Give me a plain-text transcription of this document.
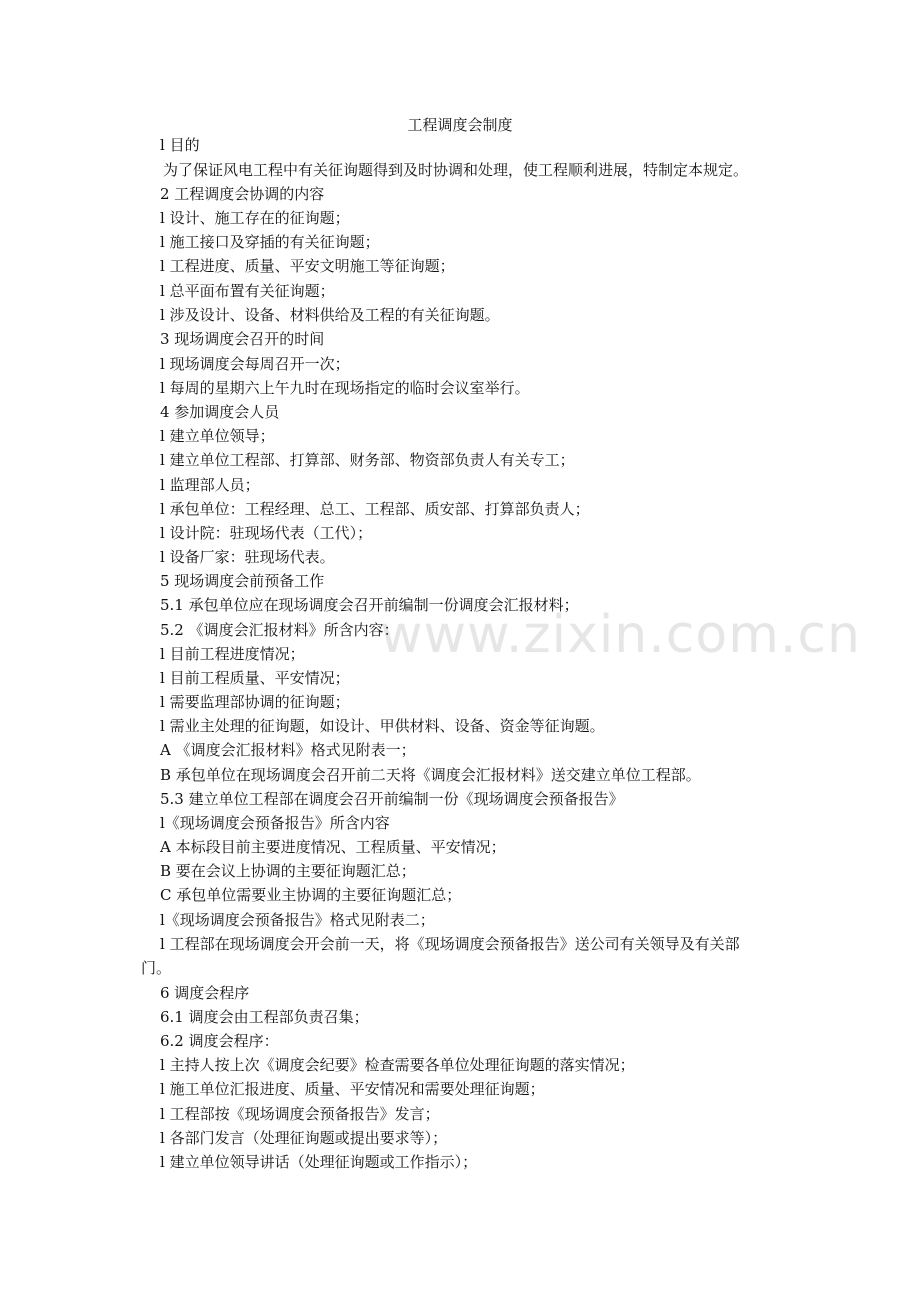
www.zixin.com.cn
工程调度会制度
l 目的
为了保证风电工程中有关征询题得到及时协调和处理，使工程顺利进展，特制定本规定。
2 工程调度会协调的内容
l 设计、施工存在的征询题；
l 施工接口及穿插的有关征询题；
l 工程进度、质量、平安文明施工等征询题；
l 总平面布置有关征询题；
l 涉及设计、设备、材料供给及工程的有关征询题。
3 现场调度会召开的时间
l 现场调度会每周召开一次；
l 每周的星期六上午九时在现场指定的临时会议室举行。
4 参加调度会人员
l 建立单位领导；
l 建立单位工程部、打算部、财务部、物资部负责人有关专工；
l 监理部人员；
l 承包单位：工程经理、总工、工程部、质安部、打算部负责人；
l 设计院：驻现场代表（工代）；
l 设备厂家：驻现场代表。
5 现场调度会前预备工作
5.1 承包单位应在现场调度会召开前编制一份调度会汇报材料；
5.2 《调度会汇报材料》所含内容：
l 目前工程进度情况；
l 目前工程质量、平安情况；
l 需要监理部协调的征询题；
l 需业主处理的征询题，如设计、甲供材料、设备、资金等征询题。
A 《调度会汇报材料》格式见附表一；
B 承包单位在现场调度会召开前二天将《调度会汇报材料》送交建立单位工程部。
5.3 建立单位工程部在调度会召开前编制一份《现场调度会预备报告》
l《现场调度会预备报告》所含内容
A 本标段目前主要进度情况、工程质量、平安情况；
B 要在会议上协调的主要征询题汇总；
C 承包单位需要业主协调的主要征询题汇总；
l《现场调度会预备报告》格式见附表二；
l 工程部在现场调度会开会前一天，将《现场调度会预备报告》送公司有关领导及有关部
门。
6 调度会程序
6.1 调度会由工程部负责召集；
6.2 调度会程序：
l 主持人按上次《调度会纪要》检查需要各单位处理征询题的落实情况；
l 施工单位汇报进度、质量、平安情况和需要处理征询题；
l 工程部按《现场调度会预备报告》发言；
l 各部门发言（处理征询题或提出要求等）；
l 建立单位领导讲话（处理征询题或工作指示）；
